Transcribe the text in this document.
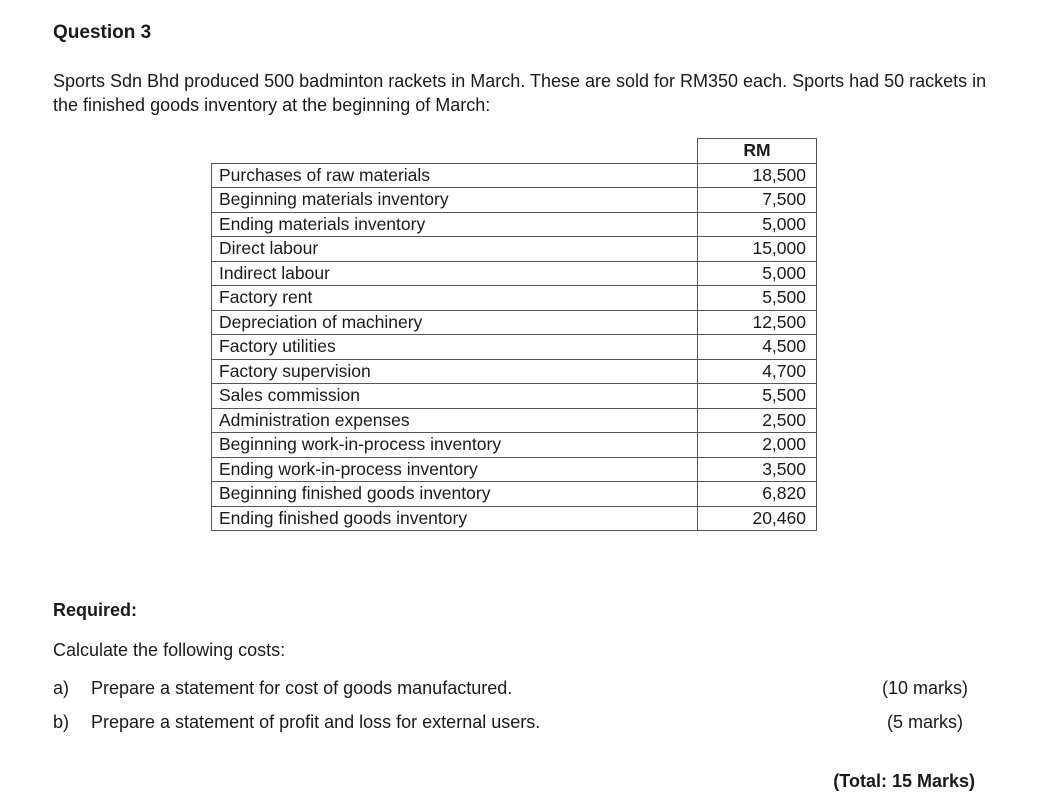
Question 3
Sports Sdn Bhd produced 500 badminton rackets in March. These are sold for RM350 each. Sports had 50 rackets in the finished goods inventory at the beginning of March:
	RM
Purchases of raw materials	18,500
Beginning materials inventory	7,500
Ending materials inventory	5,000
Direct labour	15,000
Indirect labour	5,000
Factory rent	5,500
Depreciation of machinery	12,500
Factory utilities	4,500
Factory supervision	4,700
Sales commission	5,500
Administration expenses	2,500
Beginning work-in-process inventory	2,000
Ending work-in-process inventory	3,500
Beginning finished goods inventory	6,820
Ending finished goods inventory	20,460
Required:
Calculate the following costs:
a) Prepare a statement for cost of goods manufactured.	(10 marks)
b) Prepare a statement of profit and loss for external users.	(5 marks)
(Total: 15 Marks)
